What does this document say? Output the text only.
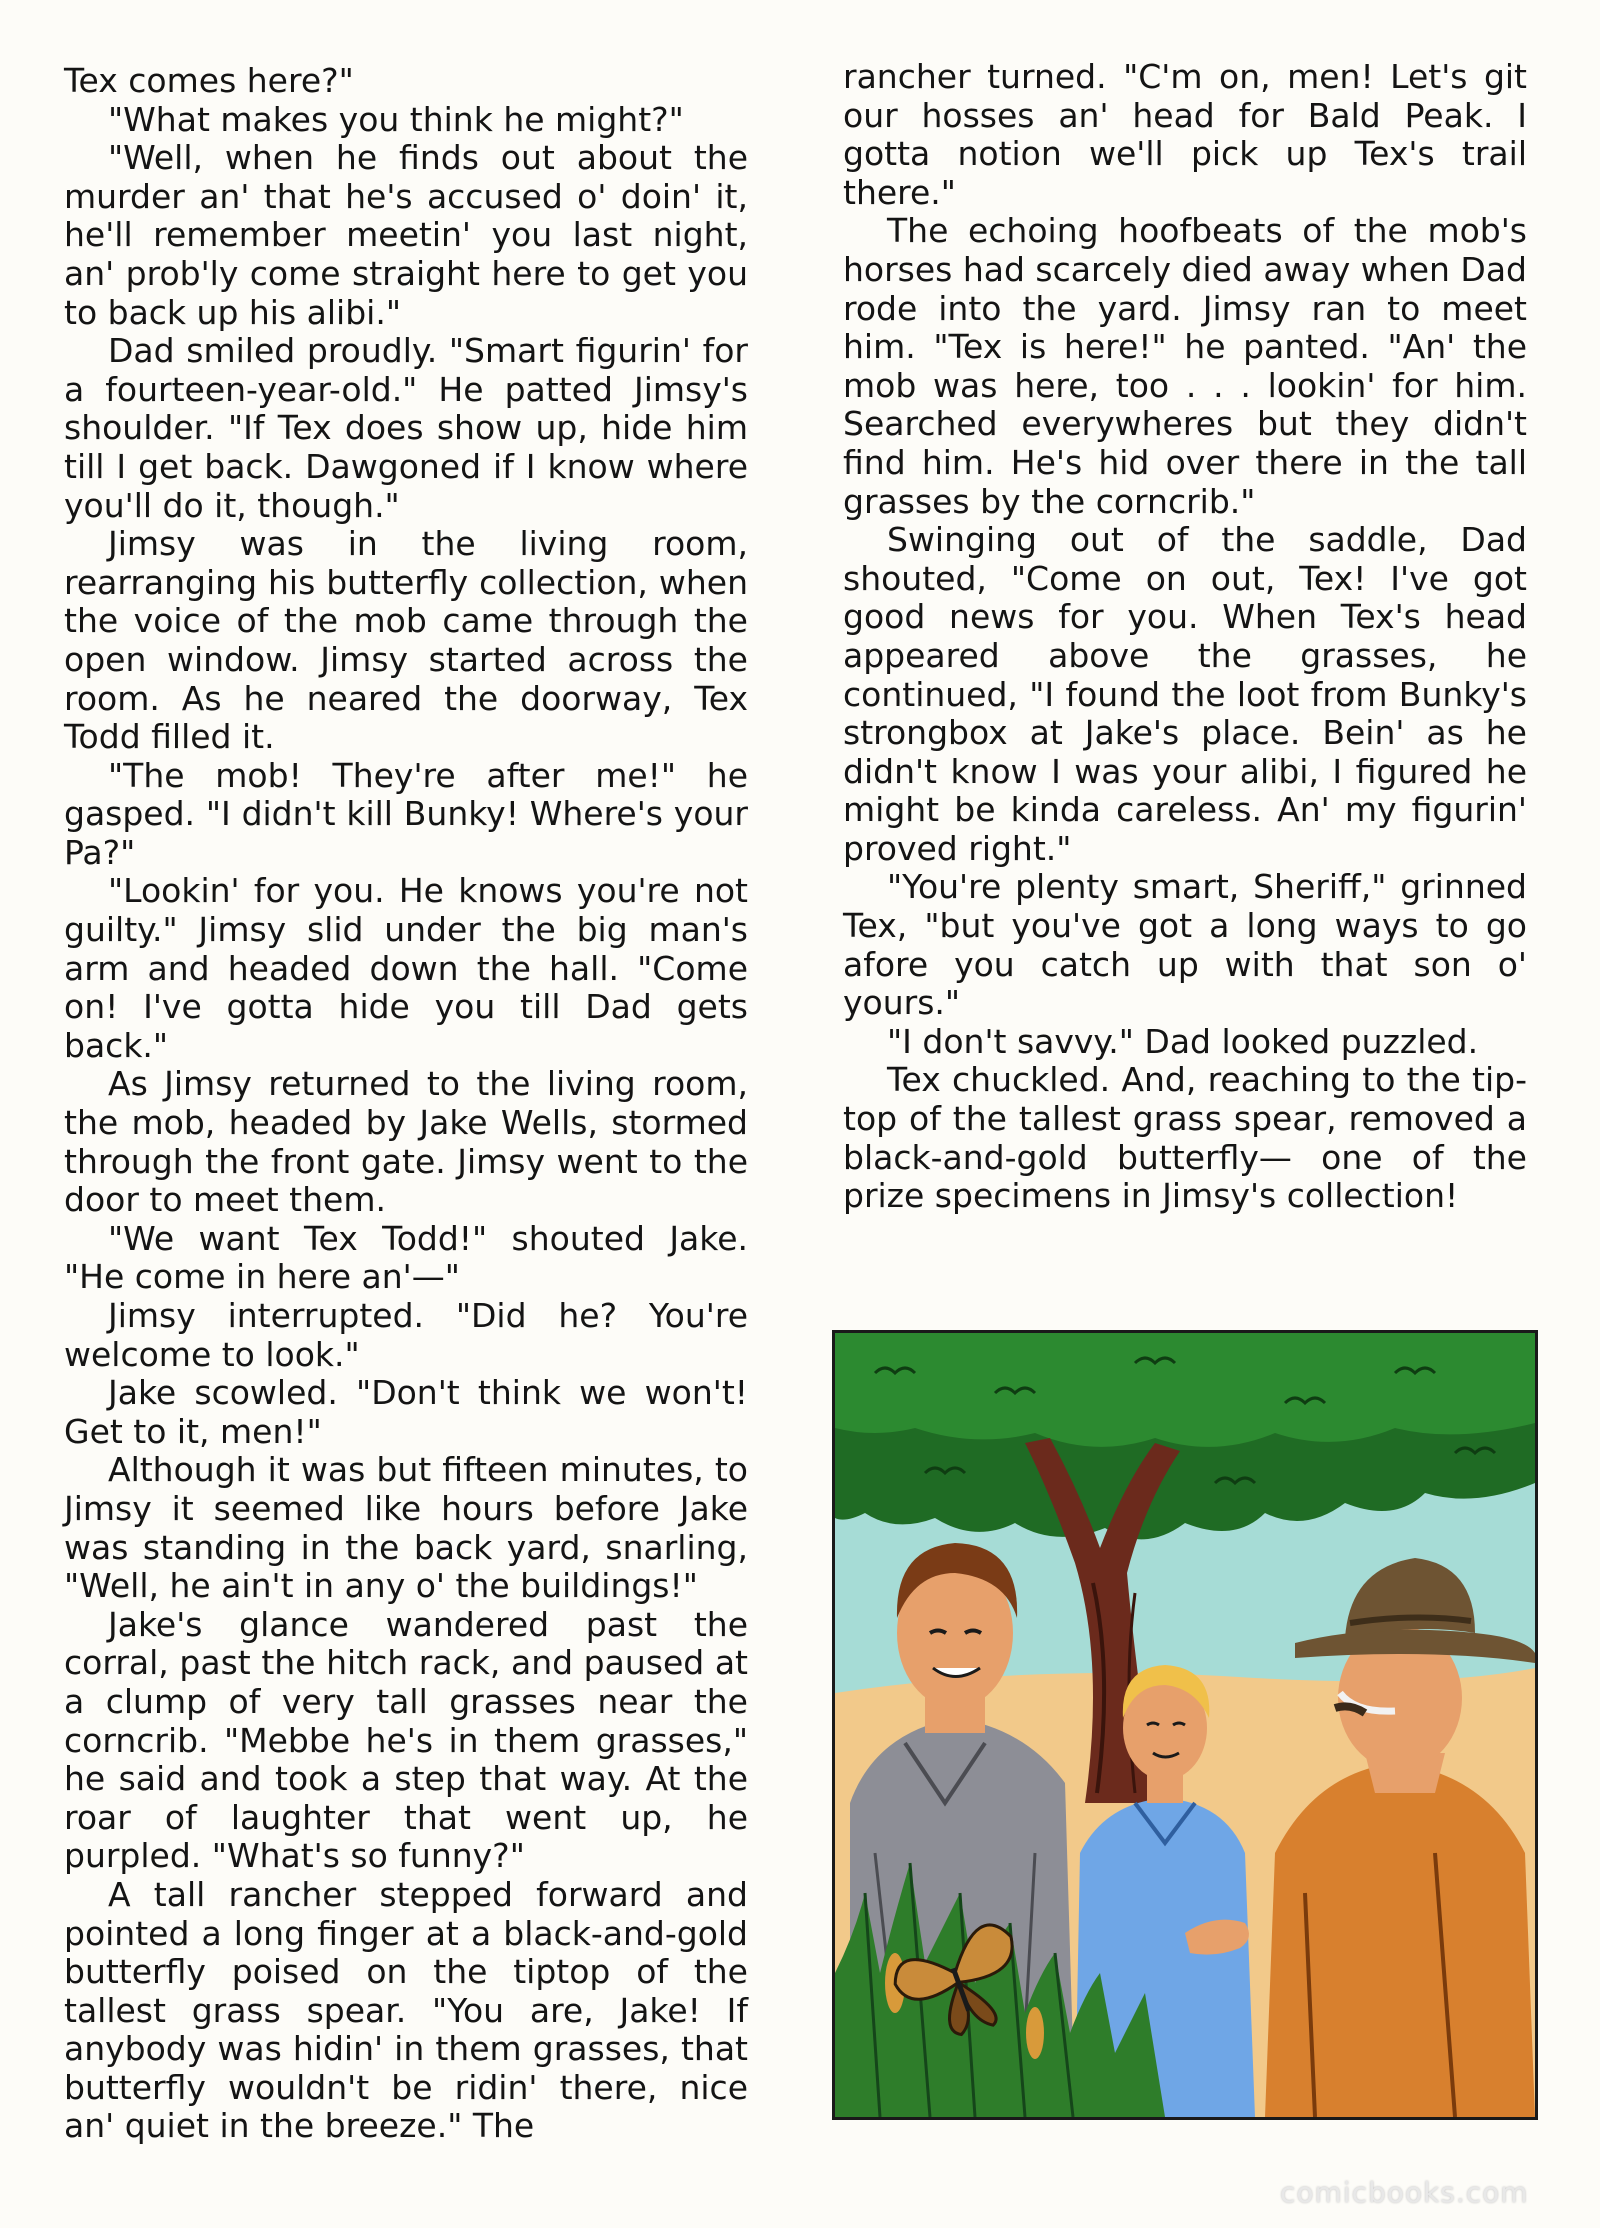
Tex comes here?"

"What makes you think he might?"

"Well, when he finds out about the murder an' that he's accused o' doin' it, he'll remember meetin' you last night, an' prob'ly come straight here to get you to back up his alibi."

Dad smiled proudly. "Smart figurin' for a fourteen-year-old." He patted Jimsy's shoulder. "If Tex does show up, hide him till I get back. Dawgoned if I know where you'll do it, though."

Jimsy was in the living room, rearranging his butterfly collection, when the voice of the mob came through the open window. Jimsy started across the room. As he neared the doorway, Tex Todd filled it.

"The mob! They're after me!" he gasped. "I didn't kill Bunky! Where's your Pa?"

"Lookin' for you. He knows you're not guilty." Jimsy slid under the big man's arm and headed down the hall. "Come on! I've gotta hide you till Dad gets back."

As Jimsy returned to the living room, the mob, headed by Jake Wells, stormed through the front gate. Jimsy went to the door to meet them.

"We want Tex Todd!" shouted Jake. "He come in here an'—"

Jimsy interrupted. "Did he? You're welcome to look."

Jake scowled. "Don't think we won't! Get to it, men!"

Although it was but fifteen minutes, to Jimsy it seemed like hours before Jake was standing in the back yard, snarling, "Well, he ain't in any o' the buildings!"

Jake's glance wandered past the corral, past the hitch rack, and paused at a clump of very tall grasses near the corncrib. "Mebbe he's in them grasses," he said and took a step that way. At the roar of laughter that went up, he purpled. "What's so funny?"

A tall rancher stepped forward and pointed a long finger at a black-and-gold butterfly poised on the tiptop of the tallest grass spear. "You are, Jake! If anybody was hidin' in them grasses, that butterfly wouldn't be ridin' there, nice an' quiet in the breeze." The

rancher turned. "C'm on, men! Let's git our hosses an' head for Bald Peak. I gotta notion we'll pick up Tex's trail there."

The echoing hoofbeats of the mob's horses had scarcely died away when Dad rode into the yard. Jimsy ran to meet him. "Tex is here!" he panted. "An' the mob was here, too . . . lookin' for him. Searched everywheres but they didn't find him. He's hid over there in the tall grasses by the corncrib."

Swinging out of the saddle, Dad shouted, "Come on out, Tex! I've got good news for you. When Tex's head appeared above the grasses, he continued, "I found the loot from Bunky's strongbox at Jake's place. Bein' as he didn't know I was your alibi, I figured he might be kinda careless. An' my figurin' proved right."

"You're plenty smart, Sheriff," grinned Tex, "but you've got a long ways to go afore you catch up with that son o' yours."

"I don't savvy." Dad looked puzzled.

Tex chuckled. And, reaching to the tip-top of the tallest grass spear, removed a black-and-gold butterfly— one of the prize specimens in Jimsy's collection!

comicbooks.com
